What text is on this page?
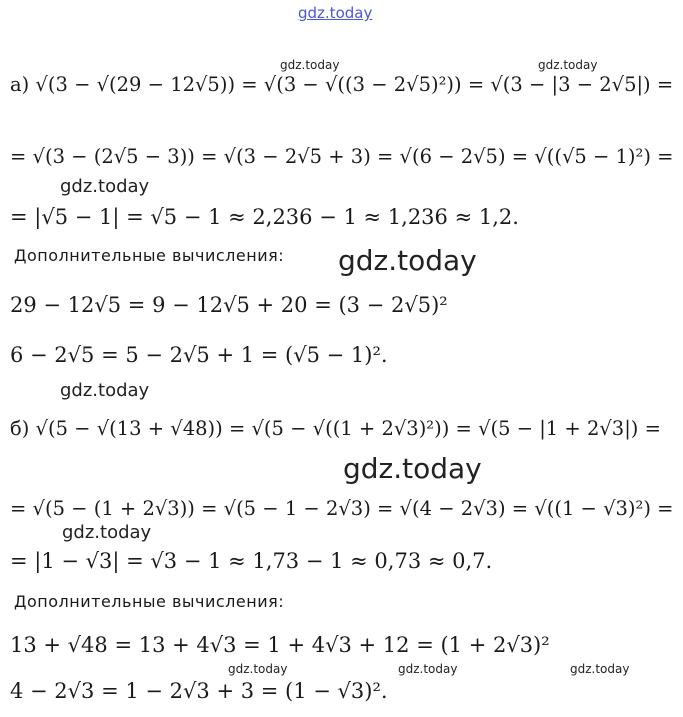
gdz.today
gdz.today	gdz.today
gdz.today
gdz.today
gdz.today
gdz.today
gdz.today
gdz.today	gdz.today	gdz.today
а) √(3 − √(29 − 12√5)) = √(3 − √((3 − 2√5)²)) = √(3 − |3 − 2√5|) =
= √(3 − (2√5 − 3)) = √(3 − 2√5 + 3) = √(6 − 2√5) = √((√5 − 1)²) =
= |√5 − 1| = √5 − 1 ≈ 2,236 − 1 ≈ 1,236 ≈ 1,2.
Дополнительные вычисления:
29 − 12√5 = 9 − 12√5 + 20 = (3 − 2√5)²
6 − 2√5 = 5 − 2√5 + 1 = (√5 − 1)².
б) √(5 − √(13 + √48)) = √(5 − √((1 + 2√3)²)) = √(5 − |1 + 2√3|) =
= √(5 − (1 + 2√3)) = √(5 − 1 − 2√3) = √(4 − 2√3) = √((1 − √3)²) =
= |1 − √3| = √3 − 1 ≈ 1,73 − 1 ≈ 0,73 ≈ 0,7.
Дополнительные вычисления:
13 + √48 = 13 + 4√3 = 1 + 4√3 + 12 = (1 + 2√3)²
4 − 2√3 = 1 − 2√3 + 3 = (1 − √3)².
